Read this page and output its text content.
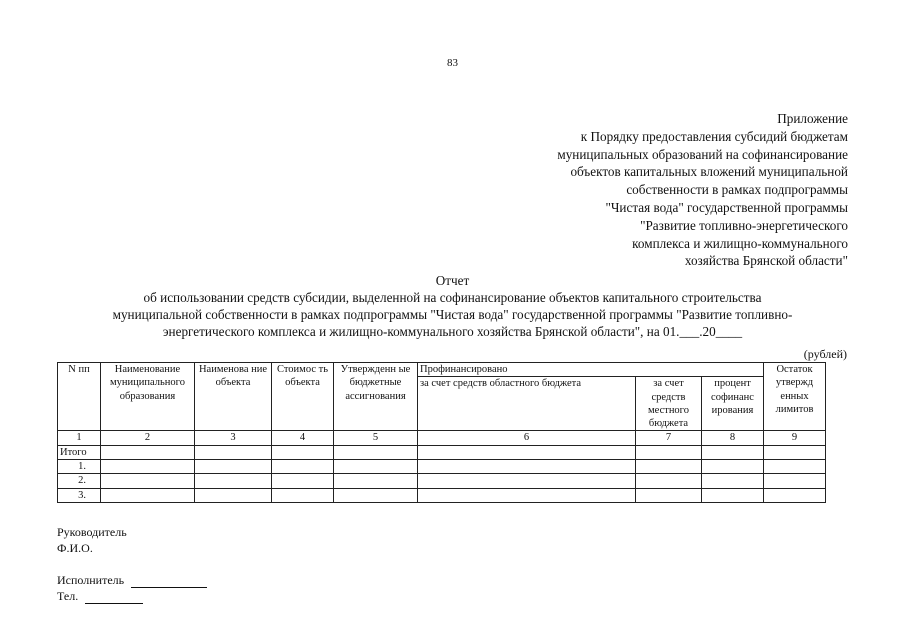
83
Приложение
к Порядку предоставления субсидий бюджетам
муниципальных образований на софинансирование
объектов капитальных вложений муниципальной
собственности в рамках подпрограммы
"Чистая вода" государственной программы
"Развитие топливно-энергетического
комплекса и жилищно-коммунального
хозяйства Брянской области"
Отчет
об использовании средств субсидии, выделенной на софинансирование объектов капитального строительства
муниципальной собственности в рамках подпрограммы "Чистая вода" государственной программы "Развитие топливно-
энергетического комплекса и жилищно-коммунального хозяйства Брянской области", на 01.___.20____
(рублей)
N пп	Наименование муниципального образования	Наименова ние объекта	Стоимос ть объекта	Утвержденн ые бюджетные ассигнования	Профинансировано			Остаток утвержд енных лимитов
					за счет средств областного бюджета	за счет средств местного бюджета	процент софинанс ирования	
1	2	3	4	5	6	7	8	9
Итого								
1.								
2.								
3.								
Руководитель
Ф.И.О.
Исполнитель
Тел.
